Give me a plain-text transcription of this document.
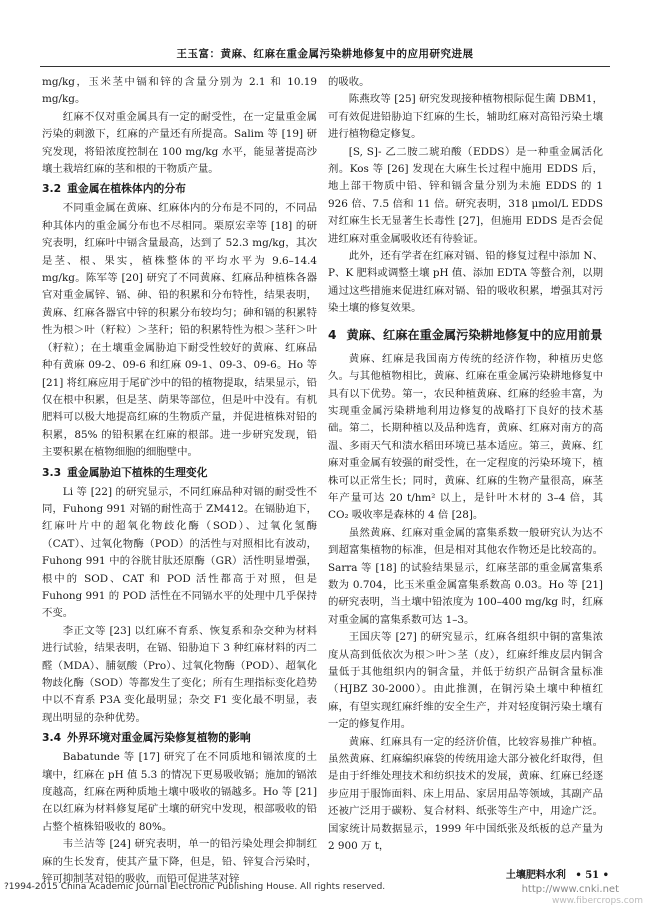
王玉富：黄麻、红麻在重金属污染耕地修复中的应用研究进展

mg/kg，玉米茎中镉和锌的含量分别为 2.1 和 10.19 mg/kg。

红麻不仅对重金属具有一定的耐受性，在一定量重金属污染的刺激下，红麻的产量还有所提高。Salim 等 [19] 研究发现，将铅浓度控制在 100 mg/kg 水平，能显著提高沙壤土栽培红麻的茎和根的干物质产量。

3.2 重金属在植株体内的分布

不同重金属在黄麻、红麻体内的分布是不同的，不同品种其体内的重金属分布也不尽相同。栗原宏幸等 [18] 的研究表明，红麻叶中镉含量最高，达到了 52.3 mg/kg，其次是茎、根、果实，植株整体的平均水平为 9.6–14.4 mg/kg。陈军等 [20] 研究了不同黄麻、红麻品种植株各器官对重金属锌、镉、砷、铅的积累和分布特性，结果表明，黄麻、红麻各器官中锌的积累分布较均匀；砷和镉的积累特性为根＞叶（籽粒）＞茎秆；铅的积累特性为根＞茎秆＞叶（籽粒）；在土壤重金属胁迫下耐受性较好的黄麻、红麻品种有黄麻 09-2、09-6 和红麻 09-1、09-3、09-6。Ho 等 [21] 将红麻应用于尾矿沙中的铅的植物提取，结果显示，铅仅在根中积累，但是茎、荫果等部位，但是叶中没有。有机肥料可以极大地提高红麻的生物质产量，并促进植株对铅的积累，85% 的铅积累在红麻的根部。进一步研究发现，铅主要积累在植物细胞的细胞壁中。

3.3 重金属胁迫下植株的生理变化

Li 等 [22] 的研究显示，不同红麻品种对镉的耐受性不同，Fuhong 991 对镉的耐性高于 ZM412。在镉胁迫下，红麻叶片中的超氧化物歧化酶（SOD）、过氧化氢酶（CAT）、过氧化物酶（POD）的活性与对照相比有波动，Fuhong 991 中的谷胱甘肽还原酶（GR）活性明显增强，根中的 SOD、CAT 和 POD 活性都高于对照，但是 Fuhong 991 的 POD 活性在不同镉水平的处理中几乎保持不变。

李正文等 [23] 以红麻不育系、恢复系和杂交种为材料进行试验，结果表明，在镉、铅胁迫下 3 种红麻材料的丙二醛（MDA）、脯氨酸（Pro）、过氧化物酶（POD）、超氧化物歧化酶（SOD）等都发生了变化；所有生理指标变化趋势中以不育系 P3A 变化最明显；杂交 F1 变化最不明显，表现出明显的杂种优势。

3.4 外界环境对重金属污染修复植物的影响

Babatunde 等 [17] 研究了在不同质地和镉浓度的土壤中，红麻在 pH 值 5.3 的情况下更易吸收镉；施加的镉浓度越高，红麻在两种质地土壤中吸收的镉越多。Ho 等 [21] 在以红麻为材料修复尾矿土壤的研究中发现，根部吸收的铅占整个植株铅吸收的 80%。

韦兰洁等 [24] 研究表明，单一的铅污染处理会抑制红麻的生长发育，使其产量下降，但是，铅、锌复合污染时，锌可抑制茎对铅的吸收，而铅可促进茎对锌

的吸收。

陈燕玫等 [25] 研究发现接种植物根际促生菌 DBM1，可有效促进铅胁迫下红麻的生长，辅助红麻对高铅污染土壤进行植物稳定修复。

[S, S]- 乙二胺二琥珀酸（EDDS）是一种重金属活化剂。Kos 等 [26] 发现在大麻生长过程中施用 EDDS 后，地上部干物质中铅、锌和镉含量分别为未施 EDDS 的 1 926 倍、7.5 倍和 11 倍。研究表明，318 μmol/L EDDS 对红麻生长无显著生长毒性 [27]，但施用 EDDS 是否会促进红麻对重金属吸收还有待验证。

此外，还有学者在红麻对镉、铅的修复过程中添加 N、P、K 肥料或调整土壤 pH 值、添加 EDTA 等螯合剂，以期通过这些措施来促进红麻对镉、铅的吸收积累，增强其对污染土壤的修复效果。

4 黄麻、红麻在重金属污染耕地修复中的应用前景

黄麻、红麻是我国南方传统的经济作物，种植历史悠久。与其他植物相比，黄麻、红麻在重金属污染耕地修复中具有以下优势。第一，农民种植黄麻、红麻的经验丰富，为实现重金属污染耕地利用边修复的战略打下良好的技术基础。第二，长期种植以及品种选育，黄麻、红麻对南方的高温、多雨天气和渍水稻田环境已基本适应。第三，黄麻、红麻对重金属有较强的耐受性，在一定程度的污染环境下，植株可以正常生长；同时，黄麻、红麻的生物产量很高，麻茎年产量可达 20 t/hm² 以上，是针叶木材的 3–4 倍，其 CO₂ 吸收率是森林的 4 倍 [28]。

虽然黄麻、红麻对重金属的富集系数一般研究认为达不到超富集植物的标准，但是相对其他农作物还是比较高的。Sarra 等 [18] 的试验结果显示，红麻茎部的重金属富集系数为 0.704，比玉米重金属富集系数高 0.03。Ho 等 [21] 的研究表明，当土壤中铅浓度为 100–400 mg/kg 时，红麻对重金属的富集系数可达 1–3。

王国庆等 [27] 的研究显示，红麻各组织中铜的富集浓度从高到低依次为根＞叶＞茎（皮），红麻纤维皮层内铜含量低于其他组织内的铜含量，并低于纺织产品铜含量标准（HJBZ 30-2000）。由此推测，在铜污染土壤中种植红麻，有望实现红麻纤维的安全生产，并对轻度铜污染土壤有一定的修复作用。

黄麻、红麻具有一定的经济价值，比较容易推广种植。虽然黄麻、红麻编织麻袋的传统用途大部分被化纤取得，但是由于纤维处理技术和纺织技术的发展，黄麻、红麻已经逐步应用于服饰面料、床上用品、家居用品等领域，其副产品还被广泛用于碳粉、复合材料、纸张等生产中，用途广泛。国家统计局数据显示，1999 年中国纸张及纸板的总产量为 2 900 万 t，

土壤肥料水利 • 51 •
?1994-2015 China Academic Journal Electronic Publishing House. All rights reserved.	http://www.cnki.net
www.fibercrops.com
